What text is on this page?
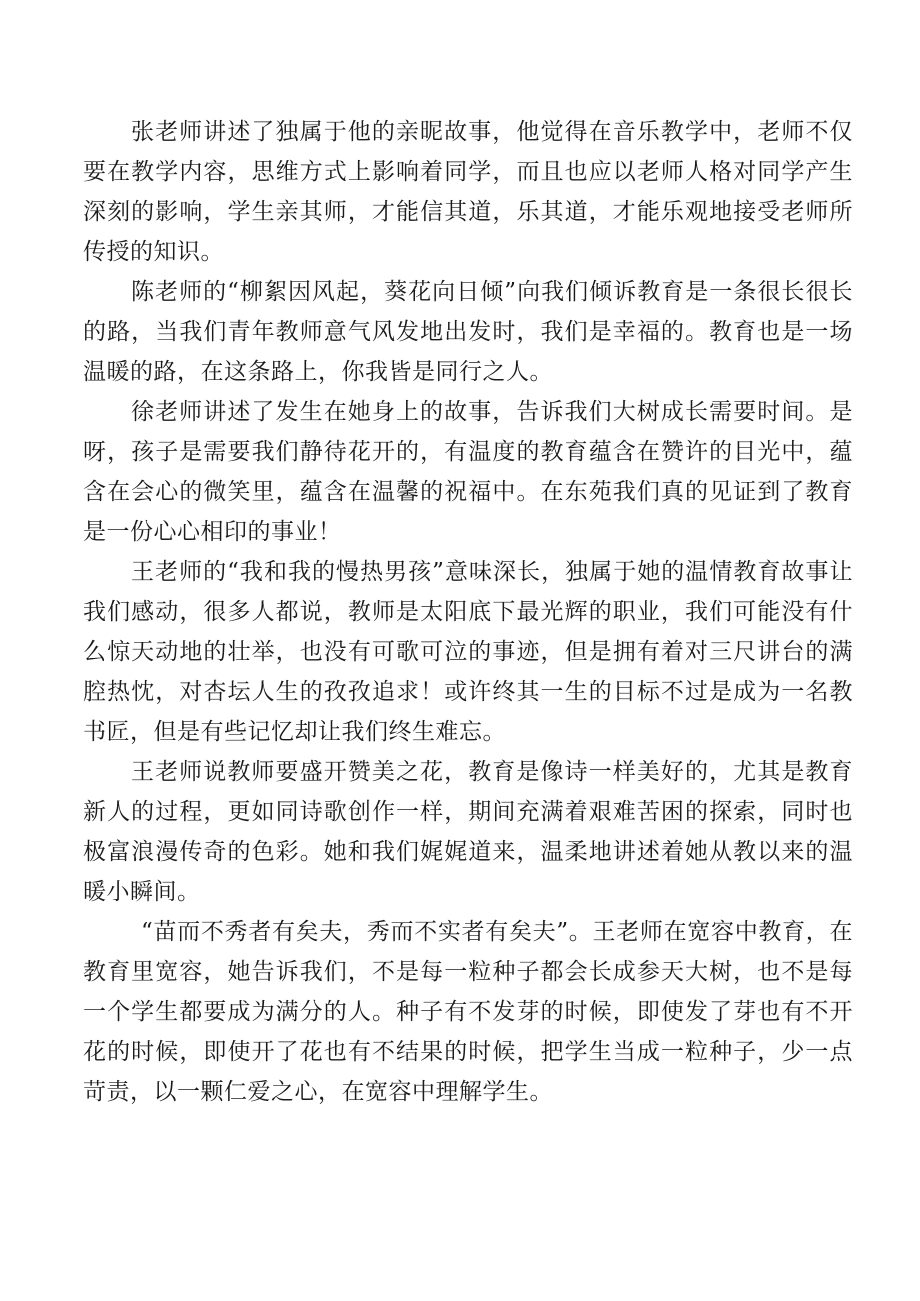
张老师讲述了独属于他的亲昵故事，他觉得在音乐教学中，老师不仅要在教学内容，思维方式上影响着同学，而且也应以老师人格对同学产生深刻的影响，学生亲其师，才能信其道，乐其道，才能乐观地接受老师所传授的知识。

陈老师的“柳絮因风起，葵花向日倾”向我们倾诉教育是一条很长很长的路，当我们青年教师意气风发地出发时，我们是幸福的。教育也是一场温暖的路，在这条路上，你我皆是同行之人。

徐老师讲述了发生在她身上的故事，告诉我们大树成长需要时间。是呀，孩子是需要我们静待花开的，有温度的教育蕴含在赞许的目光中，蕴含在会心的微笑里，蕴含在温馨的祝福中。在东苑我们真的见证到了教育是一份心心相印的事业！

王老师的“我和我的慢热男孩”意味深长，独属于她的温情教育故事让我们感动，很多人都说，教师是太阳底下最光辉的职业，我们可能没有什么惊天动地的壮举，也没有可歌可泣的事迹，但是拥有着对三尺讲台的满腔热忱，对杏坛人生的孜孜追求！或许终其一生的目标不过是成为一名教书匠，但是有些记忆却让我们终生难忘。

王老师说教师要盛开赞美之花，教育是像诗一样美好的，尤其是教育新人的过程，更如同诗歌创作一样，期间充满着艰难苦困的探索，同时也极富浪漫传奇的色彩。她和我们娓娓道来，温柔地讲述着她从教以来的温暖小瞬间。

“苗而不秀者有矣夫，秀而不实者有矣夫”。王老师在宽容中教育，在教育里宽容，她告诉我们，不是每一粒种子都会长成参天大树，也不是每一个学生都要成为满分的人。种子有不发芽的时候，即使发了芽也有不开花的时候，即使开了花也有不结果的时候，把学生当成一粒种子，少一点苛责，以一颗仁爱之心，在宽容中理解学生。
